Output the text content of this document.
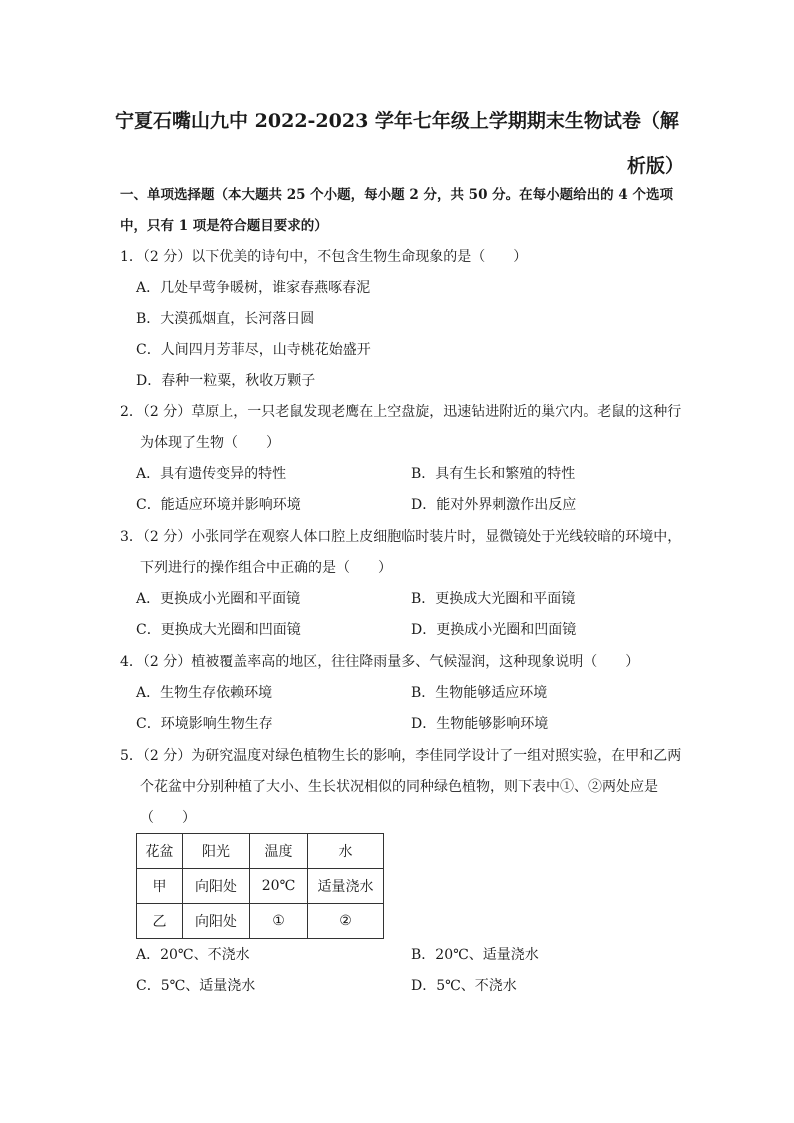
宁夏石嘴山九中 2022-2023 学年七年级上学期期末生物试卷（解
析版）
一、单项选择题（本大题共 25 个小题，每小题 2 分，共 50 分。在每小题给出的 4 个选项
中，只有 1 项是符合题目要求的）
1．（2 分）以下优美的诗句中，不包含生物生命现象的是（　　）
A．几处早莺争暖树，谁家春燕啄春泥
B．大漠孤烟直，长河落日圆
C．人间四月芳菲尽，山寺桃花始盛开
D．春种一粒粟，秋收万颗子
2．（2 分）草原上，一只老鼠发现老鹰在上空盘旋，迅速钻进附近的巢穴内。老鼠的这种行为体现了生物（　　）
A．具有遗传变异的特性	B．具有生长和繁殖的特性
C．能适应环境并影响环境	D．能对外界刺激作出反应
3．（2 分）小张同学在观察人体口腔上皮细胞临时装片时，显微镜处于光线较暗的环境中，下列进行的操作组合中正确的是（　　）
A．更换成小光圈和平面镜	B．更换成大光圈和平面镜
C．更换成大光圈和凹面镜	D．更换成小光圈和凹面镜
4．（2 分）植被覆盖率高的地区，往往降雨量多、气候湿润，这种现象说明（　　）
A．生物生存依赖环境	B．生物能够适应环境
C．环境影响生物生存	D．生物能够影响环境
5．（2 分）为研究温度对绿色植物生长的影响，李佳同学设计了一组对照实验，在甲和乙两个花盆中分别种植了大小、生长状况相似的同种绿色植物，则下表中①、②两处应是（　　）
花盆	阳光	温度	水
甲	向阳处	20℃	适量浇水
乙	向阳处	①	②
A．20℃、不浇水	B．20℃、适量浇水
C．5℃、适量浇水	D．5℃、不浇水
